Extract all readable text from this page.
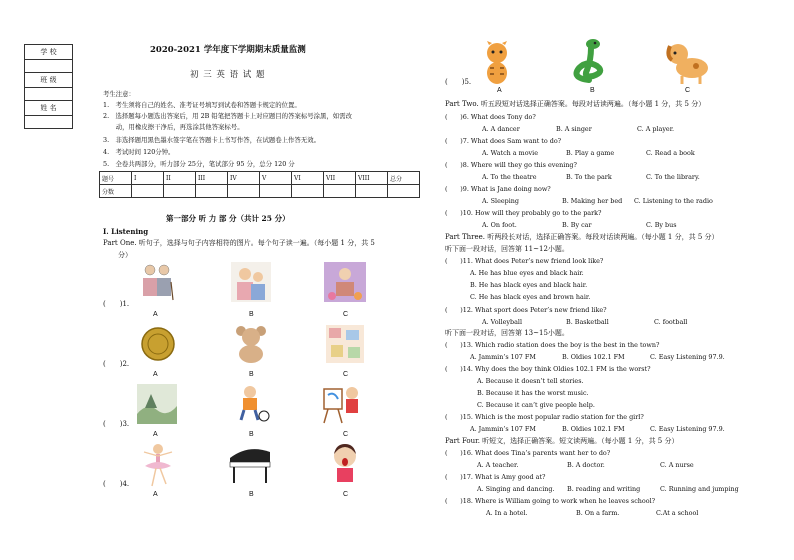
学 校

班 级

姓 名

2020-2021 学年度下学期期末质量监测
初 三 英 语 试 题
考生注意：
1.　考生须将自己的姓名、准考证号填写到试卷和答题卡规定的位置。
2.　选择题每小题选出答案后，用 2B 铅笔把答题卡上对应题目的答案标号涂黑，如需改
　　动，用橡皮擦干净后，再选涂其他答案标号。
3.　非选择题用黑色墨水签字笔在答题卡上书写作答，在试题卷上作答无效。
4.　考试时间 120分钟。
5.　全卷共两部分，听力部分 25分，笔试部分 95 分，总分 120 分
题号	I	II	III	IV	V	VI	VII	VIII	总分
分数									
第一部分 听 力 部 分（共计 25 分）
I. Listening
Part One. 听句子，选择与句子内容相符的图片。每个句子读一遍。（每小题 1 分，共 5
分）
(　　)1.
(　　)2.
(　　)3.
(　　)4.
A	B	C
A	B	C
A	B	C
A	B	C
(　　)5.
A	B	C
Part Two. 听五段短对话选择正确答案。每段对话读两遍。（每小题 1 分，共 5 分）
(　　)6. What does Tony do?
A. A dancer	B. A singer	C. A player.
(　　)7. What does Sam want to do?
A. Watch a movie	B. Play a game	C. Read a book
(　　)8. Where will they go this evening?
A. To the theatre	B. To the park	C. To the library.
(　　)9. What is Jane doing now?
A. Sleeping	B. Making her bed C. Listening to the radio
(　　)10. How will they probably go to the park?
A. On foot.	B. By car	C. By bus
Part Three. 听两段长对话，选择正确答案。每段对话读两遍。（每小题 1 分，共 5 分）
听下面一段对话，回答第 11~12小题。
(　　)11. What does Peter’s new friend look like?
A. He has blue eyes and black hair.
B. He has black eyes and black hair.
C. He has black eyes and brown hair.
(　　)12. What sport does Peter’s new friend like?
A. Volleyball	B. Basketball	C. football
听下面一段对话，回答第 13~15小题。
(　　)13. Which radio station does the boy is the best in the town?
A. Jammin’s 107 FM	B. Oldies 102.1 FM	C. Easy Listening 97.9.
(　　)14. Why does the boy think Oldies 102.1 FM is the worst?
A. Because it doesn’t tell stories.
B. Because it has the worst music.
C. Because it can’t give people help.
(　　)15. Which is the most popular radio station for the girl?
A. Jammin’s 107 FM	B. Oldies 102.1 FM	C. Easy Listening 97.9.
Part Four. 听短文，选择正确答案。短文读两遍。（每小题 1 分，共 5 分）
(　　)16. What does Tina’s parents want her to do?
A. A teacher.	B. A doctor.	C. A nurse
(　　)17. What is Amy good at?
A. Singing and dancing. B. reading and writing	C. Running and jumping
(　　)18. Where is William going to work when he leaves school?
A. In a hotel.	B. On a farm.	C.At a school
